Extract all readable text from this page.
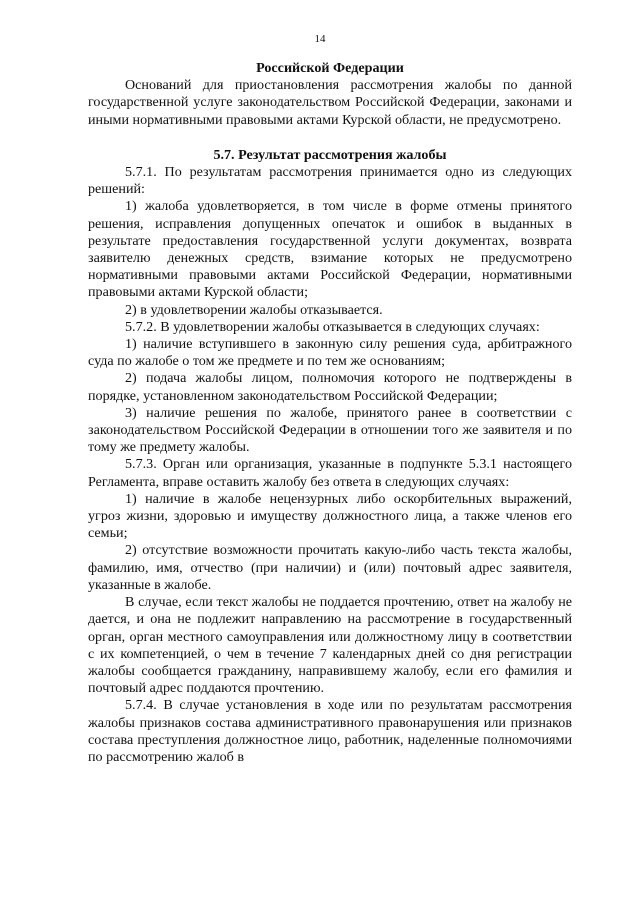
14

Российской Федерации

Оснований для приостановления рассмотрения жалобы по данной государственной услуге законодательством Российской Федерации, законами и иными нормативными правовыми актами Курской области, не предусмотрено.

5.7. Результат рассмотрения жалобы

5.7.1. По результатам рассмотрения принимается одно из следующих решений:

1) жалоба удовлетворяется, в том числе в форме отмены принятого решения, исправления допущенных опечаток и ошибок в выданных в результате предоставления государственной услуги документах, возврата заявителю денежных средств, взимание которых не предусмотрено нормативными правовыми актами Российской Федерации, нормативными правовыми актами Курской области;

2) в удовлетворении жалобы отказывается.

5.7.2. В удовлетворении жалобы отказывается в следующих случаях:

1) наличие вступившего в законную силу решения суда, арбитражного суда по жалобе о том же предмете и по тем же основаниям;

2) подача жалобы лицом, полномочия которого не подтверждены в порядке, установленном законодательством Российской Федерации;

3) наличие решения по жалобе, принятого ранее в соответствии с законодательством Российской Федерации в отношении того же заявителя и по тому же предмету жалобы.

5.7.3. Орган или организация, указанные в подпункте 5.3.1 настоящего Регламента, вправе оставить жалобу без ответа в следующих случаях:

1) наличие в жалобе нецензурных либо оскорбительных выражений, угроз жизни, здоровью и имуществу должностного лица, а также членов его семьи;

2) отсутствие возможности прочитать какую-либо часть текста жалобы, фамилию, имя, отчество (при наличии) и (или) почтовый адрес заявителя, указанные в жалобе.

В случае, если текст жалобы не поддается прочтению, ответ на жалобу не дается, и она не подлежит направлению на рассмотрение в государственный орган, орган местного самоуправления или должностному лицу в соответствии с их компетенцией, о чем в течение 7 календарных дней со дня регистрации жалобы сообщается гражданину, направившему жалобу, если его фамилия и почтовый адрес поддаются прочтению.

5.7.4. В случае установления в ходе или по результатам рассмотрения жалобы признаков состава административного правонарушения или признаков состава преступления должностное лицо, работник, наделенные полномочиями по рассмотрению жалоб в
